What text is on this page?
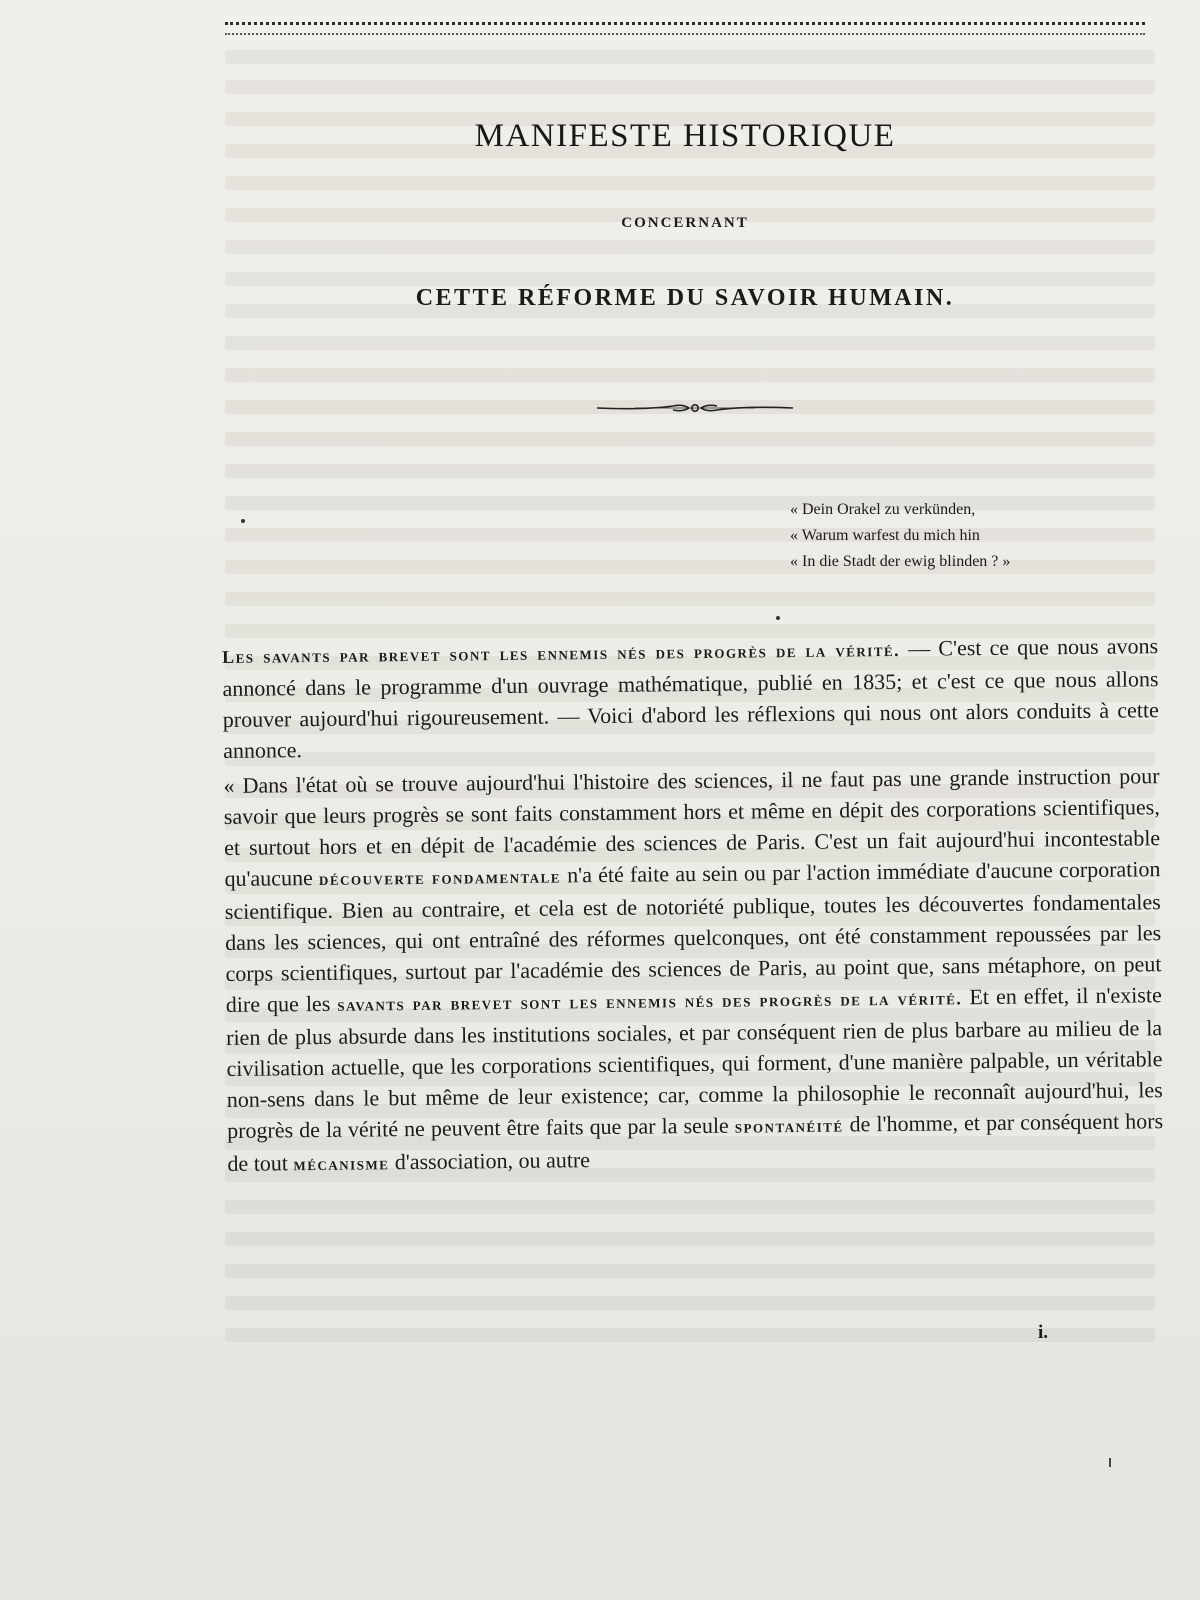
MANIFESTE HISTORIQUE
CONCERNANT
CETTE RÉFORME DU SAVOIR HUMAIN.
« Dein Orakel zu verkünden,
« Warum warfest du mich hin
« In die Stadt der ewig blinden ? »

Les savants par brevet sont les ennemis nés des progrès de la vérité. — C'est ce que nous avons annoncé dans le programme d'un ouvrage mathématique, publié en 1835; et c'est ce que nous allons prouver aujourd'hui rigoureusement. — Voici d'abord les réflexions qui nous ont alors conduits à cette annonce.

« Dans l'état où se trouve aujourd'hui l'histoire des sciences, il ne faut pas une grande instruction pour savoir que leurs progrès se sont faits constamment hors et même en dépit des corporations scientifiques, et surtout hors et en dépit de l'académie des sciences de Paris. C'est un fait aujourd'hui incontestable qu'aucune découverte fondamentale n'a été faite au sein ou par l'action immédiate d'aucune corporation scientifique. Bien au contraire, et cela est de notoriété publique, toutes les découvertes fondamentales dans les sciences, qui ont entraîné des réformes quelconques, ont été constamment repoussées par les corps scientifiques, surtout par l'académie des sciences de Paris, au point que, sans métaphore, on peut dire que les savants par brevet sont les ennemis nés des progrès de la vérité. Et en effet, il n'existe rien de plus absurde dans les institutions sociales, et par conséquent rien de plus barbare au milieu de la civilisation actuelle, que les corporations scientifiques, qui forment, d'une manière palpable, un véritable non-sens dans le but même de leur existence; car, comme la philosophie le reconnaît aujourd'hui, les progrès de la vérité ne peuvent être faits que par la seule spontanéité de l'homme, et par conséquent hors de tout mécanisme d'association, ou autre

i.
